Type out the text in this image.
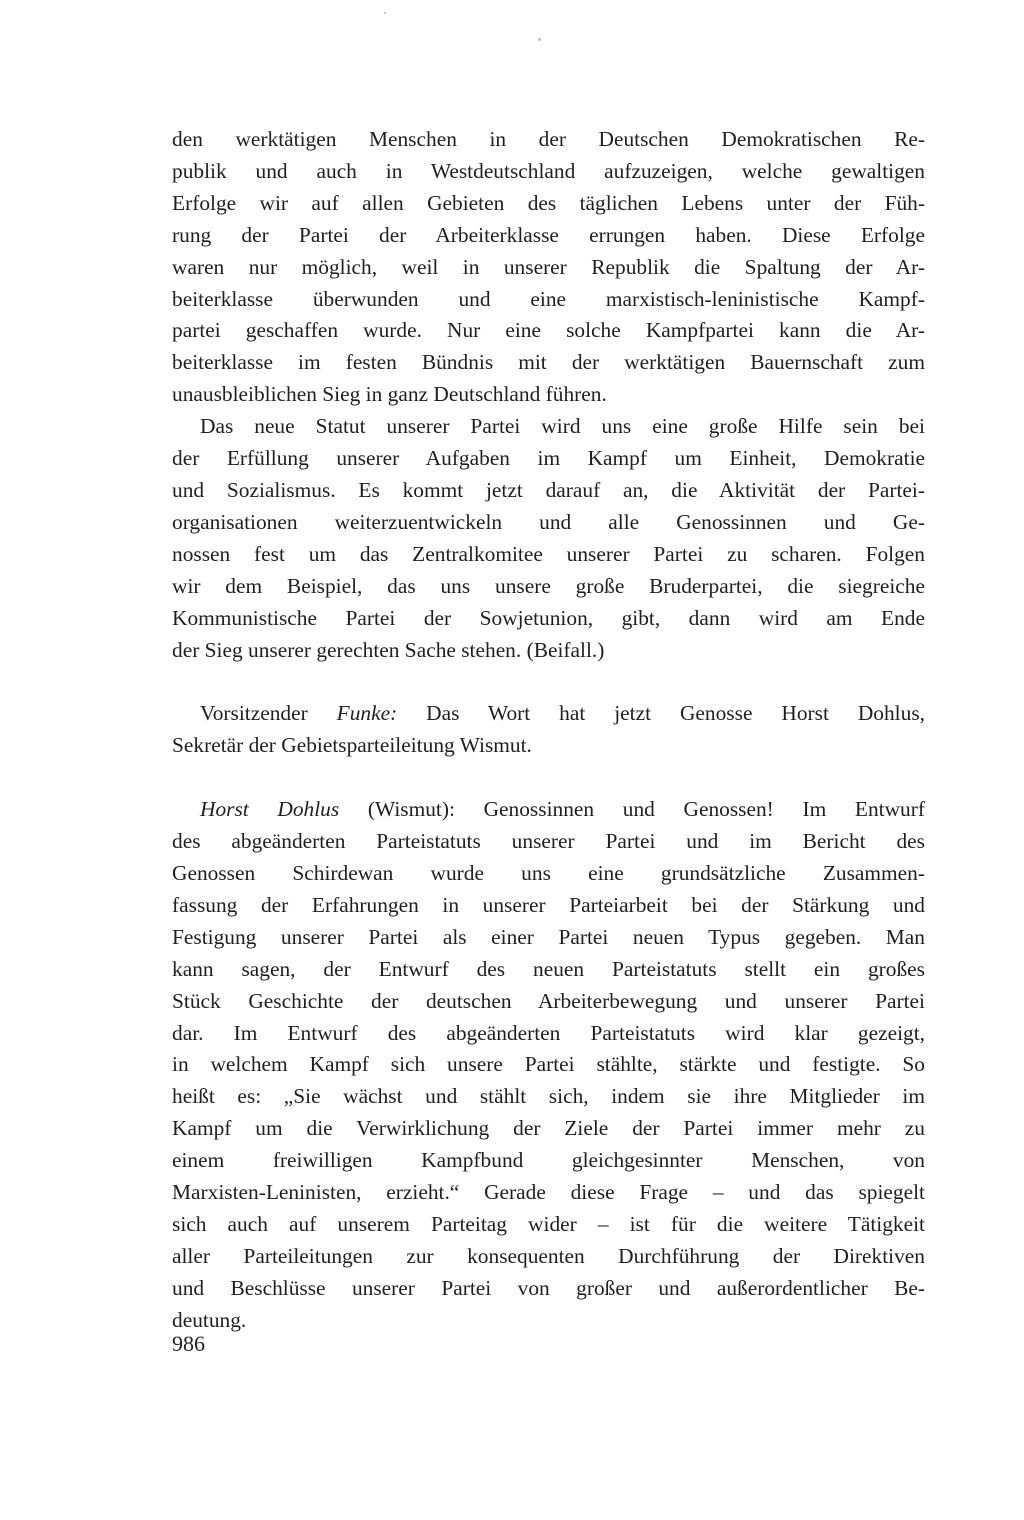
den werktätigen Menschen in der Deutschen Demokratischen Re-
publik und auch in Westdeutschland aufzuzeigen, welche gewaltigen
Erfolge wir auf allen Gebieten des täglichen Lebens unter der Füh-
rung der Partei der Arbeiterklasse errungen haben. Diese Erfolge
waren nur möglich, weil in unserer Republik die Spaltung der Ar-
beiterklasse überwunden und eine marxistisch-leninistische Kampf-
partei geschaffen wurde. Nur eine solche Kampfpartei kann die Ar-
beiterklasse im festen Bündnis mit der werktätigen Bauernschaft zum
unausbleiblichen Sieg in ganz Deutschland führen.
Das neue Statut unserer Partei wird uns eine große Hilfe sein bei
der Erfüllung unserer Aufgaben im Kampf um Einheit, Demokratie
und Sozialismus. Es kommt jetzt darauf an, die Aktivität der Partei-
organisationen weiterzuentwickeln und alle Genossinnen und Ge-
nossen fest um das Zentralkomitee unserer Partei zu scharen. Folgen
wir dem Beispiel, das uns unsere große Bruderpartei, die siegreiche
Kommunistische Partei der Sowjetunion, gibt, dann wird am Ende
der Sieg unserer gerechten Sache stehen. (Beifall.)
Vorsitzender Funke: Das Wort hat jetzt Genosse Horst Dohlus,
Sekretär der Gebietsparteileitung Wismut.
Horst Dohlus (Wismut): Genossinnen und Genossen! Im Entwurf
des abgeänderten Parteistatuts unserer Partei und im Bericht des
Genossen Schirdewan wurde uns eine grundsätzliche Zusammen-
fassung der Erfahrungen in unserer Parteiarbeit bei der Stärkung und
Festigung unserer Partei als einer Partei neuen Typus gegeben. Man
kann sagen, der Entwurf des neuen Parteistatuts stellt ein großes
Stück Geschichte der deutschen Arbeiterbewegung und unserer Partei
dar. Im Entwurf des abgeänderten Parteistatuts wird klar gezeigt,
in welchem Kampf sich unsere Partei stählte, stärkte und festigte. So
heißt es: „Sie wächst und stählt sich, indem sie ihre Mitglieder im
Kampf um die Verwirklichung der Ziele der Partei immer mehr zu
einem freiwilligen Kampfbund gleichgesinnter Menschen, von
Marxisten-Leninisten, erzieht.“ Gerade diese Frage – und das spiegelt
sich auch auf unserem Parteitag wider – ist für die weitere Tätigkeit
aller Parteileitungen zur konsequenten Durchführung der Direktiven
und Beschlüsse unserer Partei von großer und außerordentlicher Be-
deutung.
986
